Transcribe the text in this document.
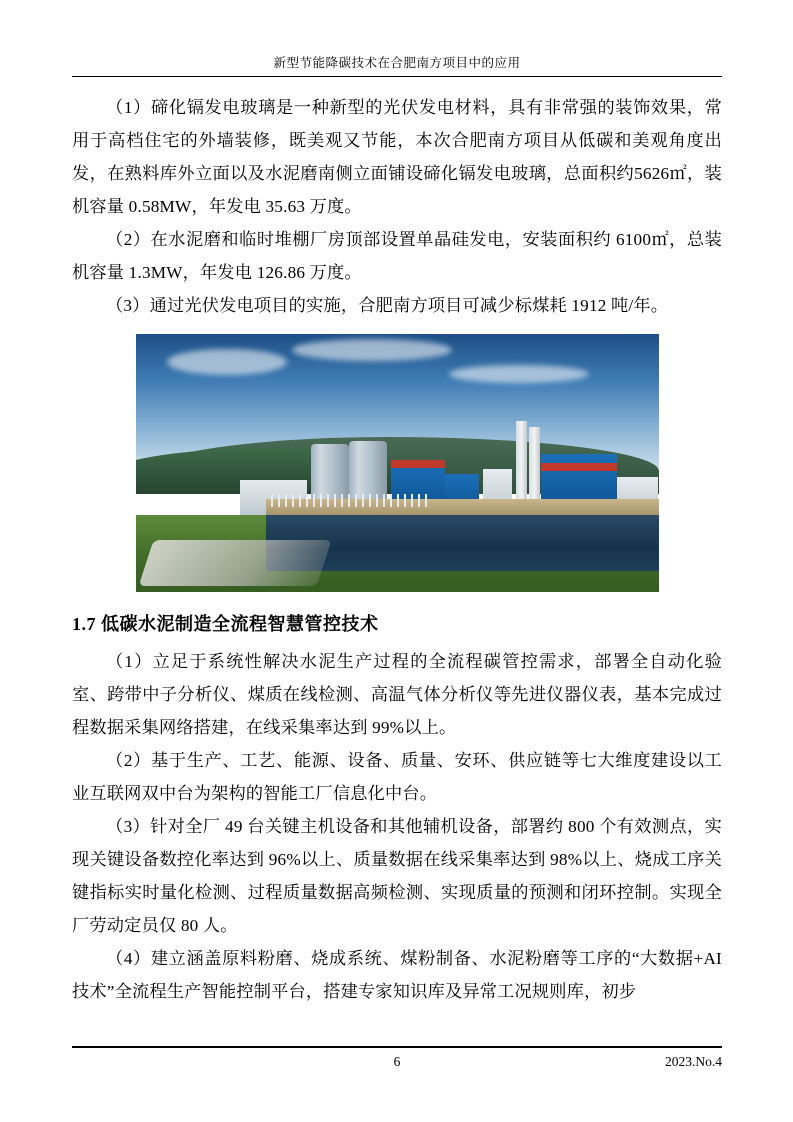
新型节能降碳技术在合肥南方项目中的应用

（1）碲化镉发电玻璃是一种新型的光伏发电材料，具有非常强的装饰效果，常用于高档住宅的外墙装修，既美观又节能，本次合肥南方项目从低碳和美观角度出发，在熟料库外立面以及水泥磨南侧立面铺设碲化镉发电玻璃，总面积约5626㎡，装机容量 0.58MW，年发电 35.63 万度。

（2）在水泥磨和临时堆棚厂房顶部设置单晶硅发电，安装面积约 6100㎡，总装机容量 1.3MW，年发电 126.86 万度。

（3）通过光伏发电项目的实施，合肥南方项目可减少标煤耗 1912 吨/年。

1.7 低碳水泥制造全流程智慧管控技术

（1）立足于系统性解决水泥生产过程的全流程碳管控需求，部署全自动化验室、跨带中子分析仪、煤质在线检测、高温气体分析仪等先进仪器仪表，基本完成过程数据采集网络搭建，在线采集率达到 99%以上。

（2）基于生产、工艺、能源、设备、质量、安环、供应链等七大维度建设以工业互联网双中台为架构的智能工厂信息化中台。

（3）针对全厂 49 台关键主机设备和其他辅机设备，部署约 800 个有效测点，实现关键设备数控化率达到 96%以上、质量数据在线采集率达到 98%以上、烧成工序关键指标实时量化检测、过程质量数据高频检测、实现质量的预测和闭环控制。实现全厂劳动定员仅 80 人。

（4）建立涵盖原料粉磨、烧成系统、煤粉制备、水泥粉磨等工序的“大数据+AI 技术”全流程生产智能控制平台，搭建专家知识库及异常工况规则库，初步

6	2023.No.4
